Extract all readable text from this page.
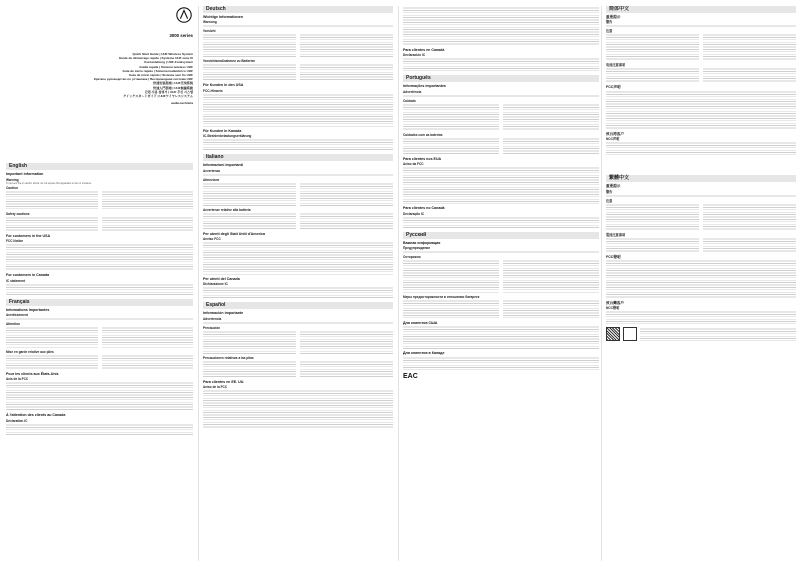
3000 series
Quick Start Guide | UHF Wireless System
Guide de démarrage rapide | Système UHF sans fil
Kurzanleitung | UHF-Funksystem
Guida rapida | Sistema wireless UHF
Guía de inicio rápido | Sistema inalámbrico UHF
Guia de início rápido | Sistema sem fio UHF
Краткое руководство по установке | Беспроводная система UHF
快速安装指南 | UHF无线系统
快速入門指南 | UHF無線系統
간편 사용 설명서 | UHF 무선 시스템
クイックスタートガイド | UHFワイヤレスシステム
audio-technica
English
Important information
Warning
To prevent fire or electric shock, do not expose this apparatus to rain or moisture.
Caution
Safety cautions
For customers in the USA
FCC Notice
For customers in Canada
IC statement
Français
Informations importantes
Avertissement
Attention
Mise en garde relative aux piles
Pour les clients aux États-Unis
Avis de la FCC
À l'attention des clients au Canada
Déclaration IC
Deutsch
Wichtige Informationen
Warnung
Vorsicht
Vorsichtsmaßnahmen zu Batterien
Für Kunden in den USA
FCC-Hinweis
Für Kunden in Kanada
IC-Strahlenbelastungserklärung
Italiano
Informazioni importanti
Avvertenza
Attenzione
Avvertenze relative alla batteria
Per utenti degli Stati Uniti d'America
Avviso FCC
Per utenti del Canada
Dichiarazione IC
Español
Información importante
Advertencia
Precaución
Precauciones relativas a las pilas
Para clientes en EE. UU.
Aviso de la FCC
Para clientes en Canadá
Declaración IC
Português
Informações importantes
Advertência
Cuidado
Cuidados com as baterias
Para clientes nos EUA
Aviso da FCC
Para clientes no Canadá
Declaração IC
Русский
Важная информация
Предупреждение
Осторожно
Меры предосторожности в отношении батареек
Для клиентов США
Для клиентов в Канаде
EAC
简体中文
重要提示
警告
注意
电池注意事项
FCC声明
致台湾客户
NCC声明
繁體中文
重要提示
警告
注意
電池注意事項
FCC聲明
致台灣客戶
NCC聲明
